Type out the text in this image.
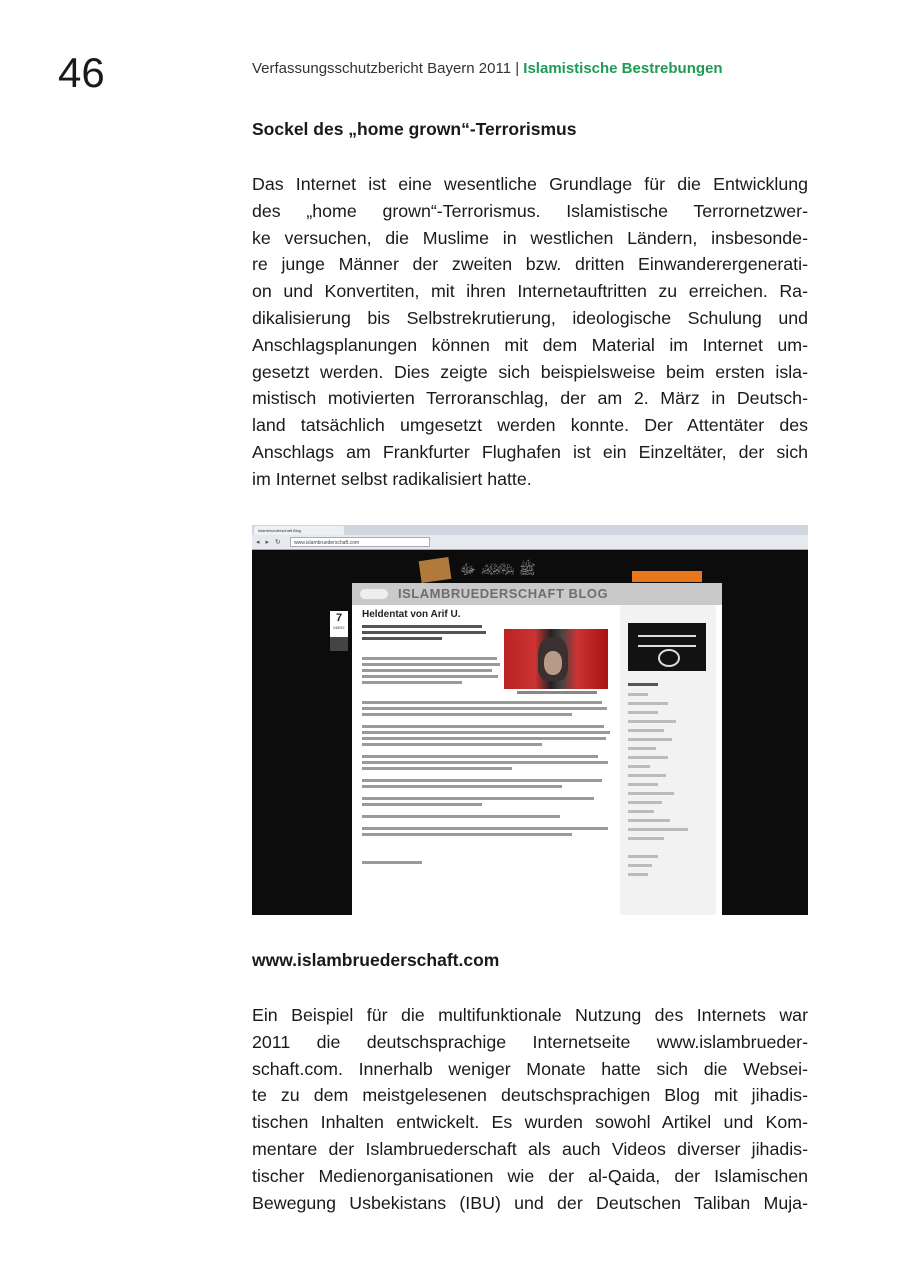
46	Verfassungsschutzbericht Bayern 2011 | Islamistische Bestrebungen
Sockel des „home grown“-Terrorismus
Das Internet ist eine wesentliche Grundlage für die Entwicklung
des „home grown“-Terrorismus. Islamistische Terrornetzwer-
ke versuchen, die Muslime in westlichen Ländern, insbesonde-
re junge Männer der zweiten bzw. dritten Einwanderergenerati-
on und Konvertiten, mit ihren Internetauftritten zu erreichen. Ra-
dikalisierung bis Selbstrekrutierung, ideologische Schulung und
Anschlagsplanungen können mit dem Material im Internet um-
gesetzt werden. Dies zeigte sich beispielsweise beim ersten isla-
mistisch motivierten Terroranschlag, der am 2. März in Deutsch-
land tatsächlich umgesetzt werden konnte. Der Attentäter des
Anschlags am Frankfurter Flughafen ist ein Einzeltäter, der sich
im Internet selbst radikalisiert hatte.
Islambruederschaft Blog
◂ ▸ ↻	www.islambruederschaft.com
ﷺ ﷽ ﷻ
ISLAMBRUEDERSCHAFT BLOG
Heldentat von Arif U.
7
MÄRZ
www.islambruederschaft.com
Ein Beispiel für die multifunktionale Nutzung des Internets war
2011 die deutschsprachige Internetseite www.islambrueder-
schaft.com. Innerhalb weniger Monate hatte sich die Websei-
te zu dem meistgelesenen deutschsprachigen Blog mit jihadis-
tischen Inhalten entwickelt. Es wurden sowohl Artikel und Kom-
mentare der Islambruederschaft als auch Videos diverser jihadis-
tischer Medienorganisationen wie der al-Qaida, der Islamischen
Bewegung Usbekistans (IBU) und der Deutschen Taliban Muja-
